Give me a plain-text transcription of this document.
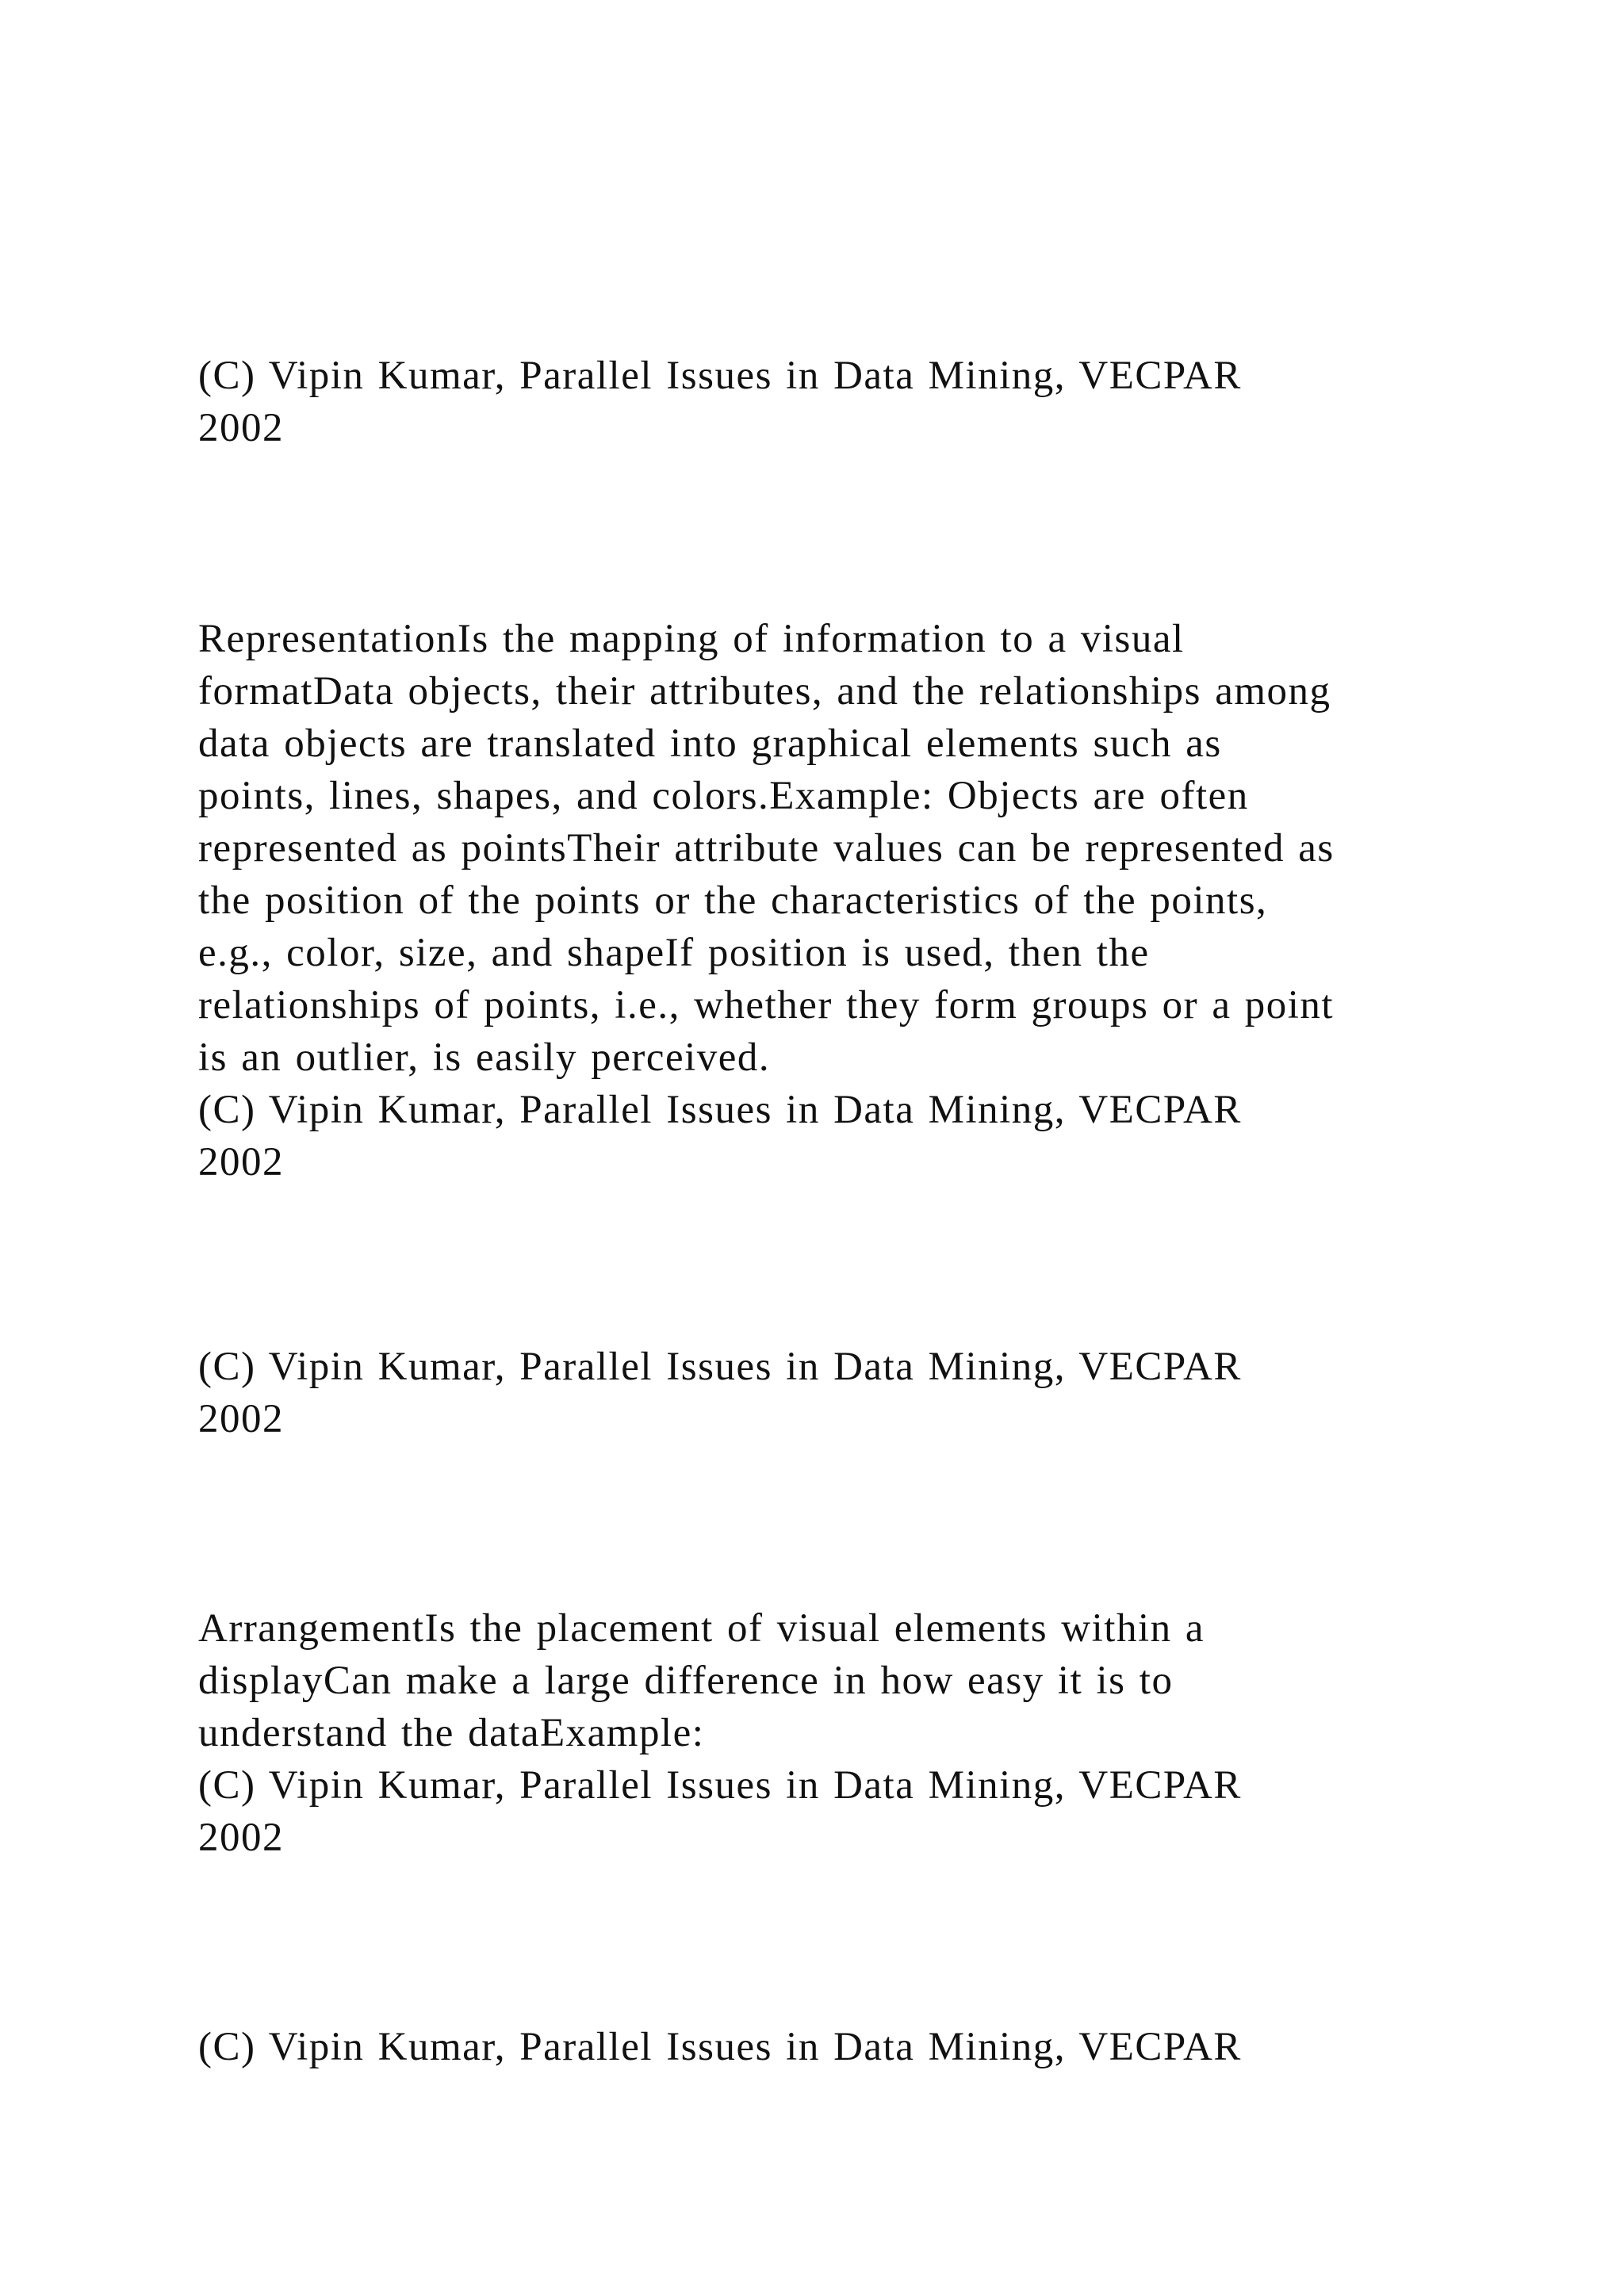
(C) Vipin Kumar, Parallel Issues in Data Mining, VECPAR
2002
RepresentationIs the mapping of information to a visual
formatData objects, their attributes, and the relationships among
data objects are translated into graphical elements such as
points, lines, shapes, and colors.Example: Objects are often
represented as pointsTheir attribute values can be represented as
the position of the points or the characteristics of the points,
e.g., color, size, and shapeIf position is used, then the
relationships of points, i.e., whether they form groups or a point
is an outlier, is easily perceived.
(C) Vipin Kumar, Parallel Issues in Data Mining, VECPAR
2002
(C) Vipin Kumar, Parallel Issues in Data Mining, VECPAR
2002
ArrangementIs the placement of visual elements within a
displayCan make a large difference in how easy it is to
understand the dataExample:
(C) Vipin Kumar, Parallel Issues in Data Mining, VECPAR
2002
(C) Vipin Kumar, Parallel Issues in Data Mining, VECPAR
